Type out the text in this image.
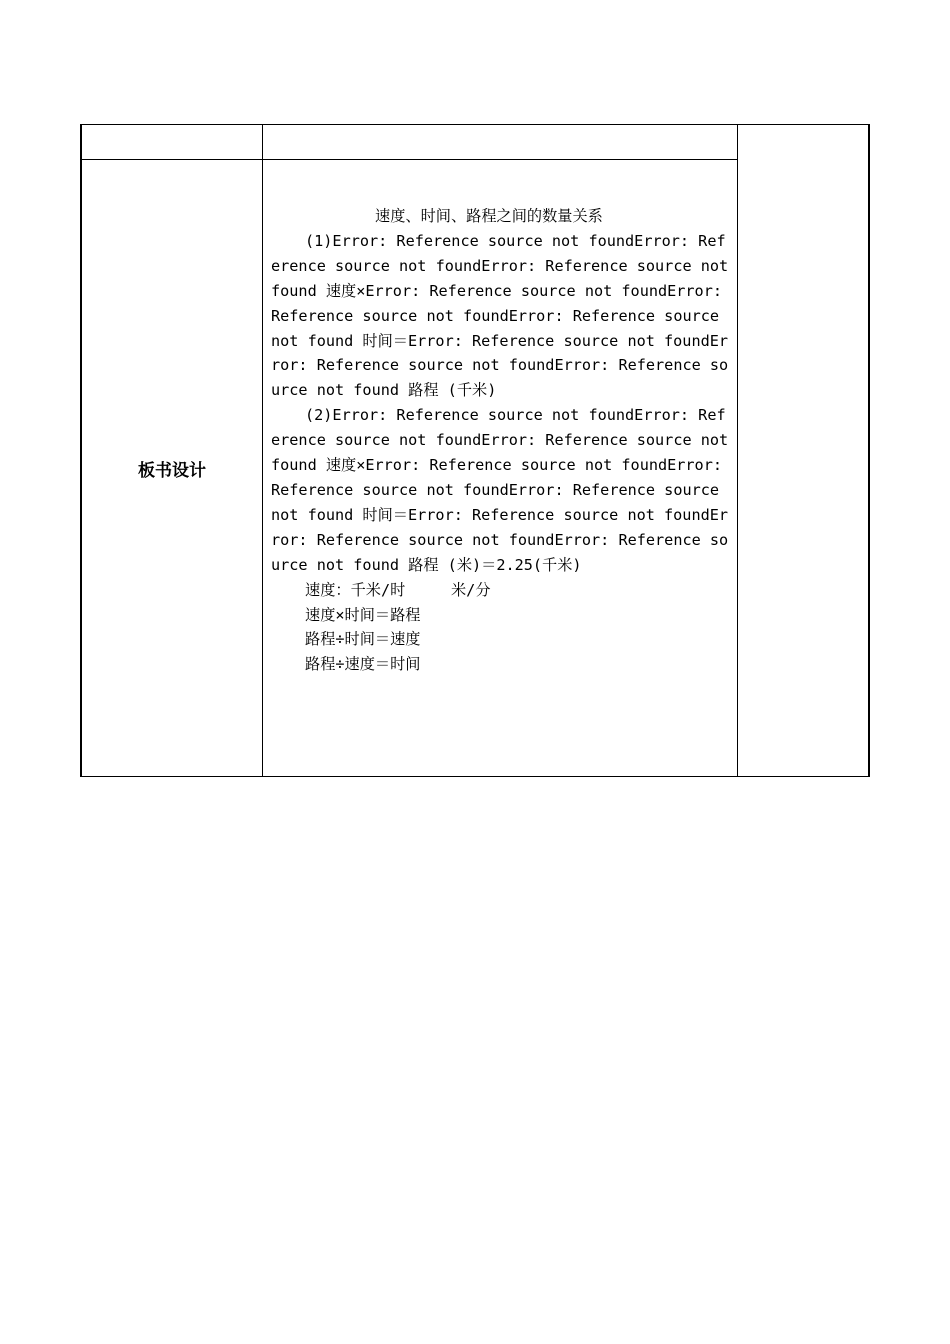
板书设计
速度、时间、路程之间的数量关系
(1)Error: Reference source not foundError: Reference source not foundError: Reference source not found 速度×Error: Reference source not foundError: Reference source not foundError: Reference source not found 时间＝Error: Reference source not foundError: Reference source not foundError: Reference source not found 路程 (千米)
(2)Error: Reference source not foundError: Reference source not foundError: Reference source not found 速度×Error: Reference source not foundError: Reference source not foundError: Reference source not found 时间＝Error: Reference source not foundError: Reference source not foundError: Reference source not found 路程 (米)＝2.25(千米)
速度：千米/时     米/分
速度×时间＝路程
路程÷时间＝速度
路程÷速度＝时间
